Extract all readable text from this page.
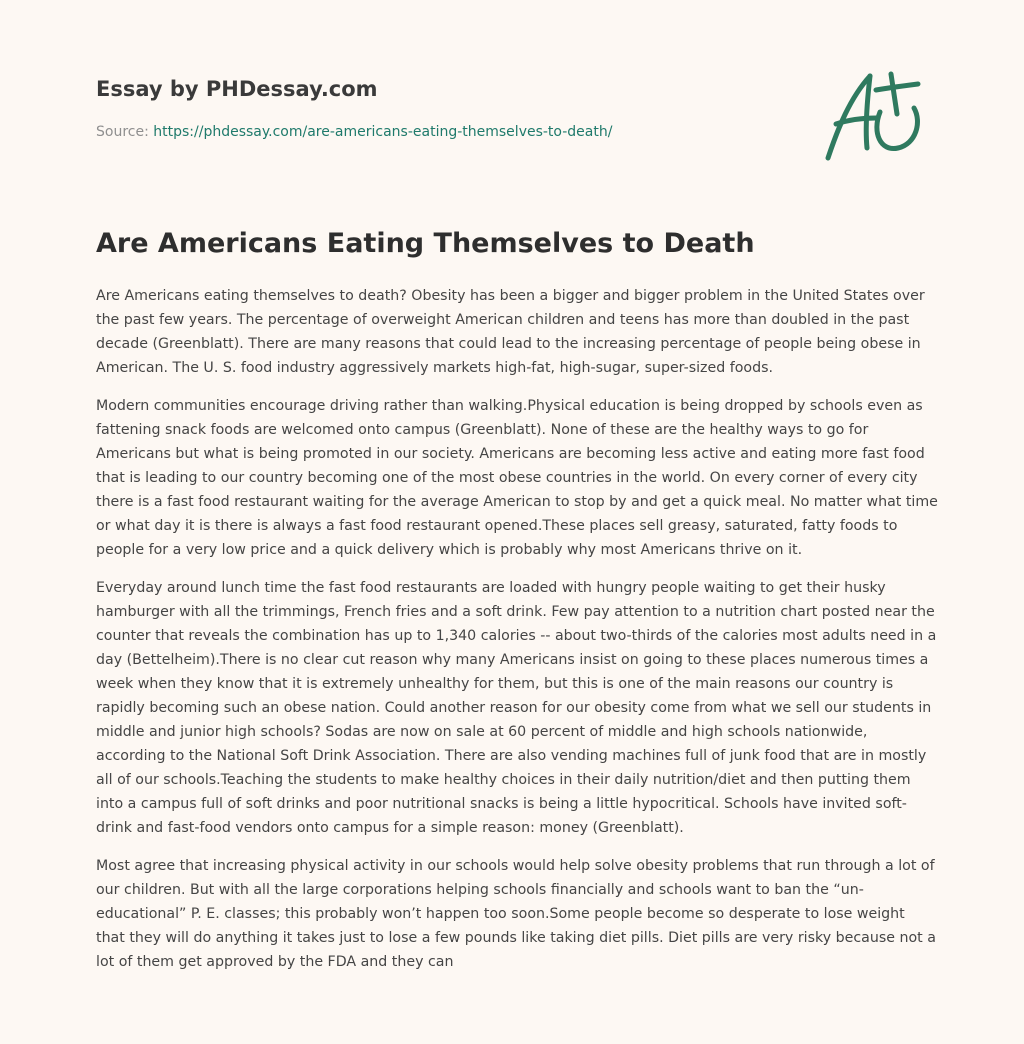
Essay by PHDessay.com
Source: https://phdessay.com/are-americans-eating-themselves-to-death/
Are Americans Eating Themselves to Death

Are Americans eating themselves to death? Obesity has been a bigger and bigger problem in the United States over the past few years. The percentage of overweight American children and teens has more than doubled in the past decade (Greenblatt). There are many reasons that could lead to the increasing percentage of people being obese in American. The U. S. food industry aggressively markets high-fat, high-sugar, super-sized foods.

Modern communities encourage driving rather than walking.Physical education is being dropped by schools even as fattening snack foods are welcomed onto campus (Greenblatt). None of these are the healthy ways to go for Americans but what is being promoted in our society. Americans are becoming less active and eating more fast food that is leading to our country becoming one of the most obese countries in the world. On every corner of every city there is a fast food restaurant waiting for the average American to stop by and get a quick meal. No matter what time or what day it is there is always a fast food restaurant opened.These places sell greasy, saturated, fatty foods to people for a very low price and a quick delivery which is probably why most Americans thrive on it.

Everyday around lunch time the fast food restaurants are loaded with hungry people waiting to get their husky hamburger with all the trimmings, French fries and a soft drink. Few pay attention to a nutrition chart posted near the counter that reveals the combination has up to 1,340 calories -- about two-thirds of the calories most adults need in a day (Bettelheim).There is no clear cut reason why many Americans insist on going to these places numerous times a week when they know that it is extremely unhealthy for them, but this is one of the main reasons our country is rapidly becoming such an obese nation. Could another reason for our obesity come from what we sell our students in middle and junior high schools? Sodas are now on sale at 60 percent of middle and high schools nationwide, according to the National Soft Drink Association. There are also vending machines full of junk food that are in mostly all of our schools.Teaching the students to make healthy choices in their daily nutrition/diet and then putting them into a campus full of soft drinks and poor nutritional snacks is being a little hypocritical. Schools have invited soft-drink and fast-food vendors onto campus for a simple reason: money (Greenblatt).

Most agree that increasing physical activity in our schools would help solve obesity problems that run through a lot of our children. But with all the large corporations helping schools financially and schools want to ban the “un-educational” P. E. classes; this probably won’t happen too soon.Some people become so desperate to lose weight that they will do anything it takes just to lose a few pounds like taking diet pills. Diet pills are very risky because not a lot of them get approved by the FDA and they can
